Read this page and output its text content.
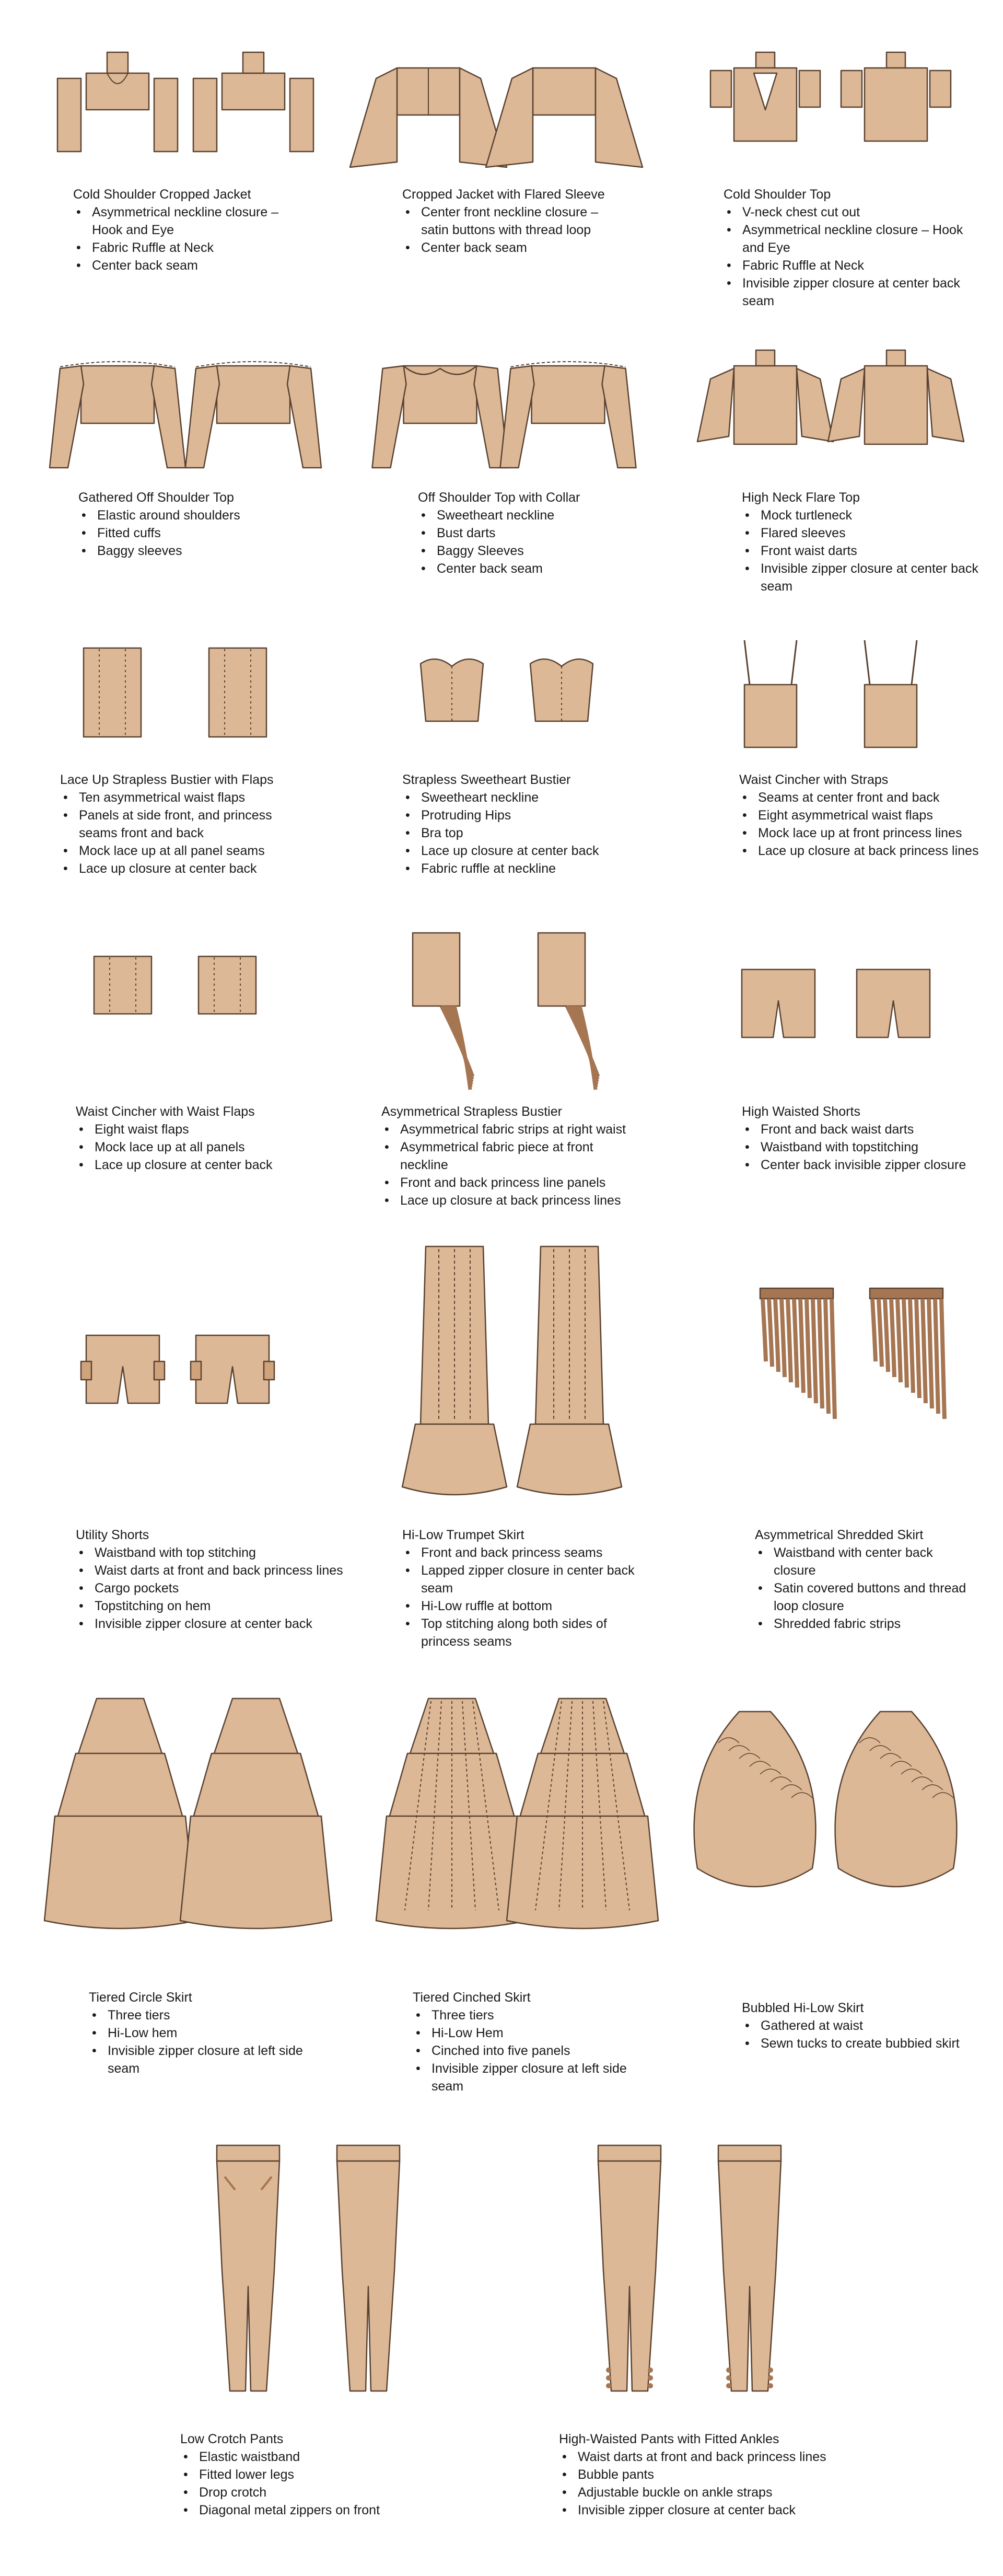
Cold Shoulder Cropped Jacket
• Asymmetrical neckline closure – Hook and Eye
• Fabric Ruffle at Neck
• Center back seam
Cropped Jacket with Flared Sleeve
• Center front neckline closure – satin buttons with thread loop
• Center back seam
Cold Shoulder Top
• V-neck chest cut out
• Asymmetrical neckline closure – Hook and Eye
• Fabric Ruffle at Neck
• Invisible zipper closure at center back seam
Gathered Off Shoulder Top
• Elastic around shoulders
• Fitted cuffs
• Baggy sleeves
Off Shoulder Top with Collar
• Sweetheart neckline
• Bust darts
• Baggy Sleeves
• Center back seam
High Neck Flare Top
• Mock turtleneck
• Flared sleeves
• Front waist darts
• Invisible zipper closure at center back seam
Lace Up Strapless Bustier with Flaps
• Ten asymmetrical waist flaps
• Panels at side front, and princess seams front and back
• Mock lace up at all panel seams
• Lace up closure at center back
Strapless Sweetheart Bustier
• Sweetheart neckline
• Protruding Hips
• Bra top
• Lace up closure at center back
• Fabric ruffle at neckline
Waist Cincher with Straps
• Seams at center front and back
• Eight asymmetrical waist flaps
• Mock lace up at front princess lines
• Lace up closure at back princess lines
Waist Cincher with Waist Flaps
• Eight waist flaps
• Mock lace up at all panels
• Lace up closure at center back
Asymmetrical Strapless Bustier
• Asymmetrical fabric strips at right waist
• Asymmetrical fabric piece at front neckline
• Front and back princess line panels
• Lace up closure at back princess lines
High Waisted Shorts
• Front and back waist darts
• Waistband with topstitching
• Center back invisible zipper closure
Utility Shorts
• Waistband with top stitching
• Waist darts at front and back princess lines
• Cargo pockets
• Topstitching on hem
• Invisible zipper closure at center back
Hi-Low Trumpet Skirt
• Front and back princess seams
• Lapped zipper closure in center back seam
• Hi-Low ruffle at bottom
• Top stitching along both sides of princess seams
Asymmetrical Shredded Skirt
• Waistband with center back closure
• Satin covered buttons and thread loop closure
• Shredded fabric strips
Tiered Circle Skirt
• Three tiers
• Hi-Low hem
• Invisible zipper closure at left side seam
Tiered Cinched Skirt
• Three tiers
• Hi-Low Hem
• Cinched into five panels
• Invisible zipper closure at left side seam
Bubbled Hi-Low Skirt
• Gathered at waist
• Sewn tucks to create bubbied skirt
Low Crotch Pants
• Elastic waistband
• Fitted lower legs
• Drop crotch
• Diagonal metal zippers on front
High-Waisted Pants with Fitted Ankles
• Waist darts at front and back princess lines
• Bubble pants
• Adjustable buckle on ankle straps
• Invisible zipper closure at center back
